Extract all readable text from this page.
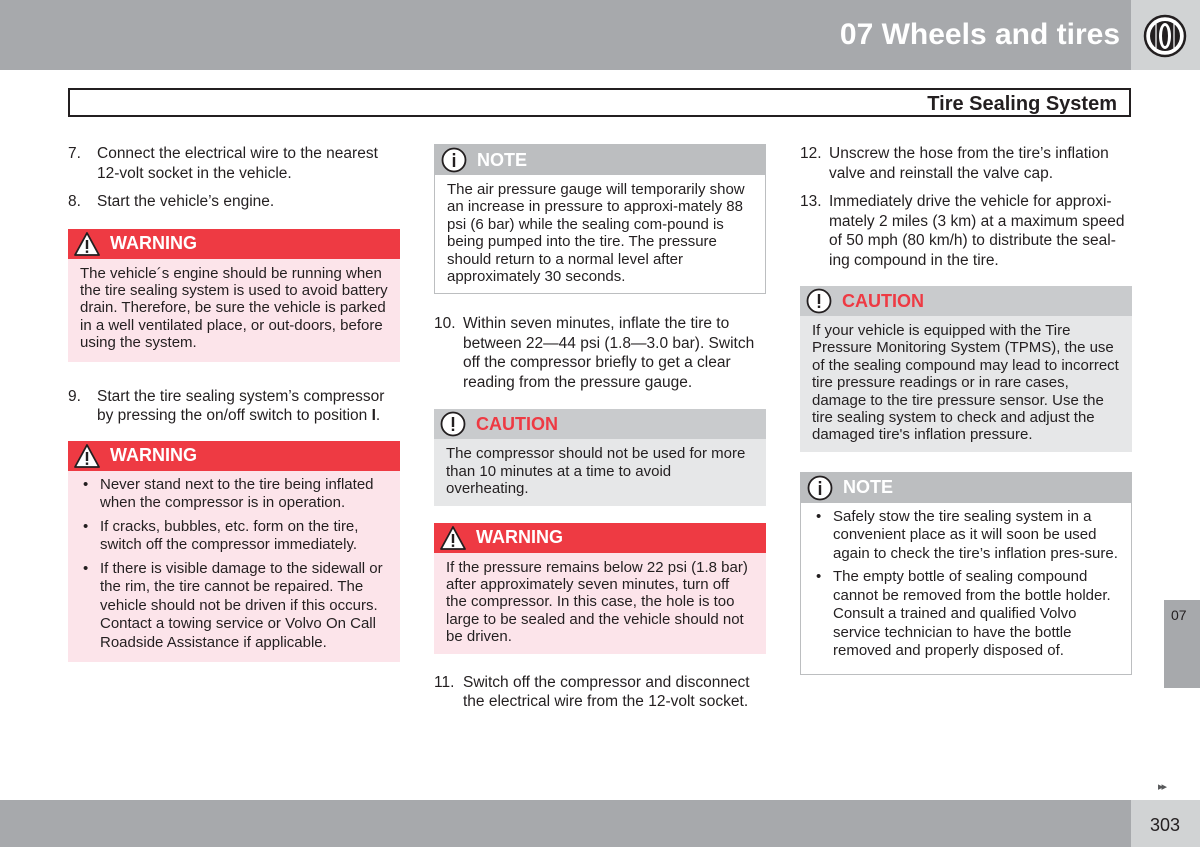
07 Wheels and tires
Tire Sealing System
7.	Connect the electrical wire to the nearest 12-volt socket in the vehicle.
8.	Start the vehicle’s engine.
WARNING
The vehicle´s engine should be running when the tire sealing system is used to avoid battery drain. Therefore, be sure the vehicle is parked in a well ventilated place, or out-doors, before using the system.
9.	Start the tire sealing system’s compressor by pressing the on/off switch to position I.
WARNING
• Never stand next to the tire being inflated when the compressor is in operation.
• If cracks, bubbles, etc. form on the tire, switch off the compressor immediately.
• If there is visible damage to the sidewall or the rim, the tire cannot be repaired. The vehicle should not be driven if this occurs. Contact a towing service or Volvo On Call Roadside Assistance if applicable.
NOTE
The air pressure gauge will temporarily show an increase in pressure to approxi-mately 88 psi (6 bar) while the sealing com-pound is being pumped into the tire. The pressure should return to a normal level after approximately 30 seconds.
10. Within seven minutes, inflate the tire to between 22—44 psi (1.8—3.0 bar). Switch off the compressor briefly to get a clear reading from the pressure gauge.
CAUTION
The compressor should not be used for more than 10 minutes at a time to avoid overheating.
WARNING
If the pressure remains below 22 psi (1.8 bar) after approximately seven minutes, turn off the compressor. In this case, the hole is too large to be sealed and the vehicle should not be driven.
11. Switch off the compressor and disconnect the electrical wire from the 12-volt socket.
12. Unscrew the hose from the tire’s inflation valve and reinstall the valve cap.
13. Immediately drive the vehicle for approxi-mately 2 miles (3 km) at a maximum speed of 50 mph (80 km/h) to distribute the seal-ing compound in the tire.
CAUTION
If your vehicle is equipped with the Tire Pressure Monitoring System (TPMS), the use of the sealing compound may lead to incorrect tire pressure readings or in rare cases, damage to the tire pressure sensor. Use the tire sealing system to check and adjust the damaged tire's inflation pressure.
NOTE
• Safely stow the tire sealing system in a convenient place as it will soon be used again to check the tire’s inflation pres-sure.
• The empty bottle of sealing compound cannot be removed from the bottle holder. Consult a trained and qualified Volvo service technician to have the bottle removed and properly disposed of.
07
▸▸
303
